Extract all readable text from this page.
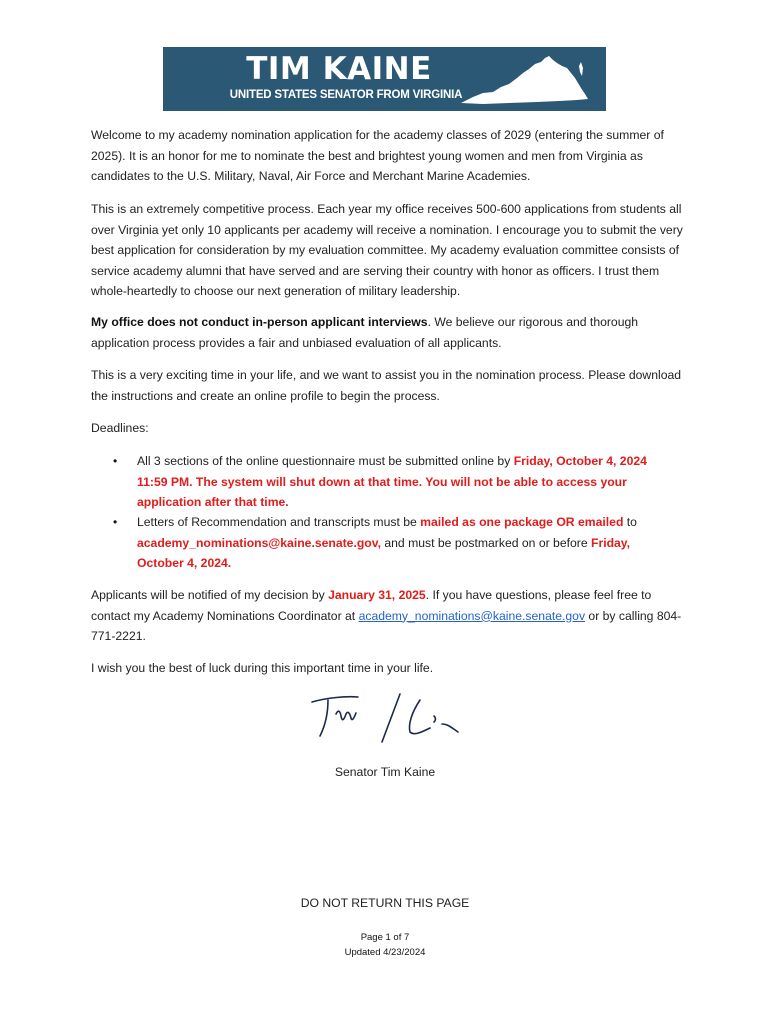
TIM KAINE
UNITED STATES SENATOR FROM VIRGINIA
Welcome to my academy nomination application for the academy classes of 2029 (entering the summer of 2025). It is an honor for me to nominate the best and brightest young women and men from Virginia as candidates to the U.S. Military, Naval, Air Force and Merchant Marine Academies.
This is an extremely competitive process. Each year my office receives 500-600 applications from students all over Virginia yet only 10 applicants per academy will receive a nomination. I encourage you to submit the very best application for consideration by my evaluation committee. My academy evaluation committee consists of service academy alumni that have served and are serving their country with honor as officers. I trust them whole-heartedly to choose our next generation of military leadership.
My office does not conduct in-person applicant interviews. We believe our rigorous and thorough application process provides a fair and unbiased evaluation of all applicants.
This is a very exciting time in your life, and we want to assist you in the nomination process. Please download the instructions and create an online profile to begin the process.
Deadlines:
•	All 3 sections of the online questionnaire must be submitted online by Friday, October 4, 2024 11:59 PM. The system will shut down at that time. You will not be able to access your application after that time.
•	Letters of Recommendation and transcripts must be mailed as one package OR emailed to academy_nominations@kaine.senate.gov, and must be postmarked on or before Friday, October 4, 2024.
Applicants will be notified of my decision by January 31, 2025. If you have questions, please feel free to contact my Academy Nominations Coordinator at academy_nominations@kaine.senate.gov or by calling 804-771-2221.
I wish you the best of luck during this important time in your life.
Senator Tim Kaine
DO NOT RETURN THIS PAGE
Page 1 of 7
Updated 4/23/2024
